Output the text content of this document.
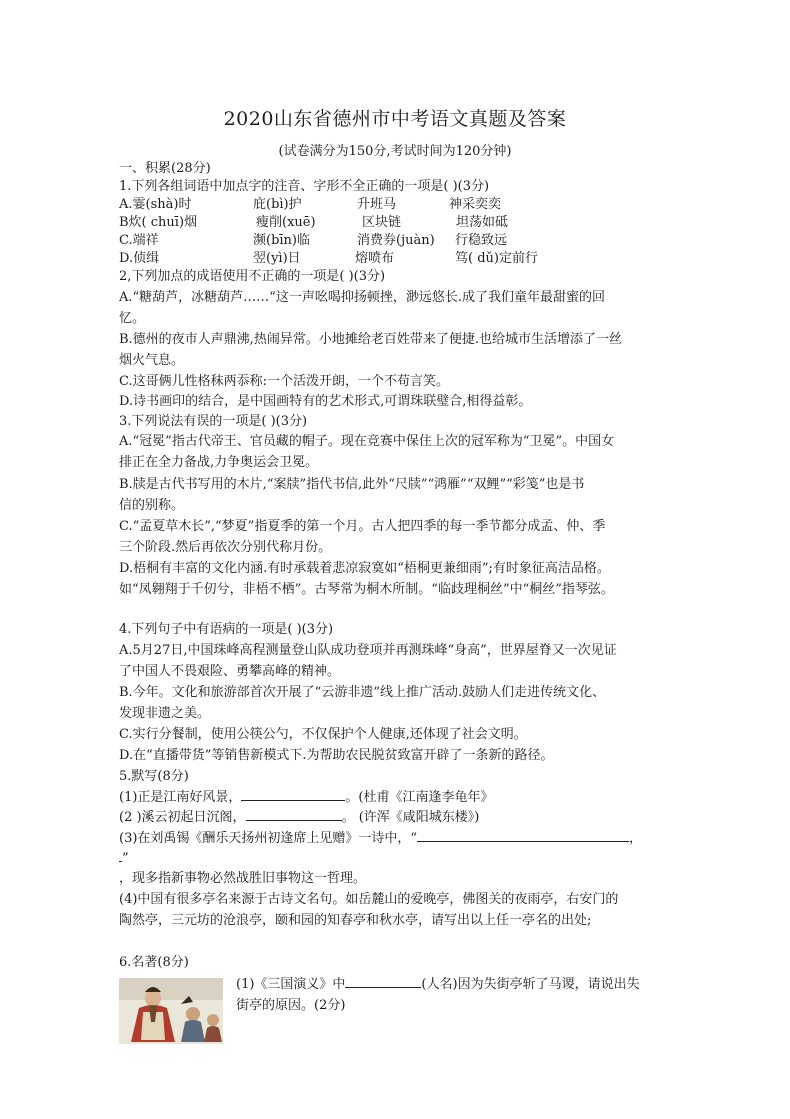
2020山东省德州市中考语文真题及答案
(试卷满分为150分,考试时间为120分钟)
一、积累(28分)
1.下列各组词语中加点字的注音、字形不全正确的一项是( )(3分)
A.霎(shà)时	庇(bì)护	升班马	神采奕奕
B炊( chuī)烟	瘦削(xuē)	区块链	坦荡如砥
C.端祥	濒(bīn)临	消费券(juàn) 行稳致远
D.侦缉	翌(yì)日	熔喷布	笃( dǔ)定前行
2,下列加点的成语使用不正确的一项是( )(3分)
A.“糖葫芦，冰糖葫芦……“这一声吆喝抑扬顿挫，渺远悠长.成了我们童年最甜蜜的回
忆。
B.德州的夜市人声鼎沸,热闹异常。小地摊给老百姓带来了便捷.也给城市生活增添了一丝
烟火气息。
C.这哥俩儿性格秣两忝称:一个活泼开朗，一个不苟言笑。
D.诗书画印的结合，是中国画特有的艺术形式,可谓珠联璧合,相得益彰。
3.下列说法有误的一项是( )(3分)
A.“冠冕”指古代帝王、官员藏的帽子。现在竞赛中保住上次的冠军称为“卫冕”。中国女
排正在全力备战,力争奥运会卫冕。
B.牍是古代书写用的木片,“案牍”指代书信,此外“尺牍”“鸿雁”“双鲤”“彩笺”也是书
信的别称。
C.“孟夏草木长”,“梦夏”指夏季的第一个月。古人把四季的每一季节都分成孟、仲、季
三个阶段.然后再依次分别代称月份。
D.梧桐有丰富的文化内涵.有时承载着悲凉寂寞如“梧桐更兼细雨”;有时象征高洁品格。
如“凤翱翔于千仞兮，非梧不栖”。古琴常为桐木所制。“临歧理桐丝”中“桐丝”指琴弦。
4.下列句子中有语病的一项是( )(3分)
A.5月27日,中国珠峰高程测量登山队成功登项并再测珠峰“身高”，世界屋脊又一次见证
了中国人不畏艰险、勇攀高峰的精神。
B.今年。文化和旅游部首次开展了“云游非遗”线上推广活动.鼓励人们走进传统文化、
发现非遗之美。
C.实行分餐制，使用公筷公勺，不仅保护个人健康,还体现了社会文明。
D.在“直播带货”等销售新模式下.为帮助农民脱贫致富开辟了一条新的路径。
5.默写(8分)
(1)正是江南好风景，	。(杜甫《江南逢李龟年》
(2 )溪云初起日沉阁，	。 (许浑《咸阳城东楼》)
(3)在刘禹锡《酬乐天扬州初逢席上见赠》一诗中，“	，
”
，现多指新事物必然战胜旧事物这一哲理。
(4)中国有很多亭名来源于古诗文名句。如岳麓山的爱晚亭，佛图关的夜雨亭，右安门的
陶然亭，三元坊的沧浪亭，颐和园的知春亭和秋水亭，请写出以上任一亭名的出处;
6.名著(8分)
(1)《三国演义》中	(人名)因为失街亭斩了马谡，请说出失
街亭的原因。(2分)
